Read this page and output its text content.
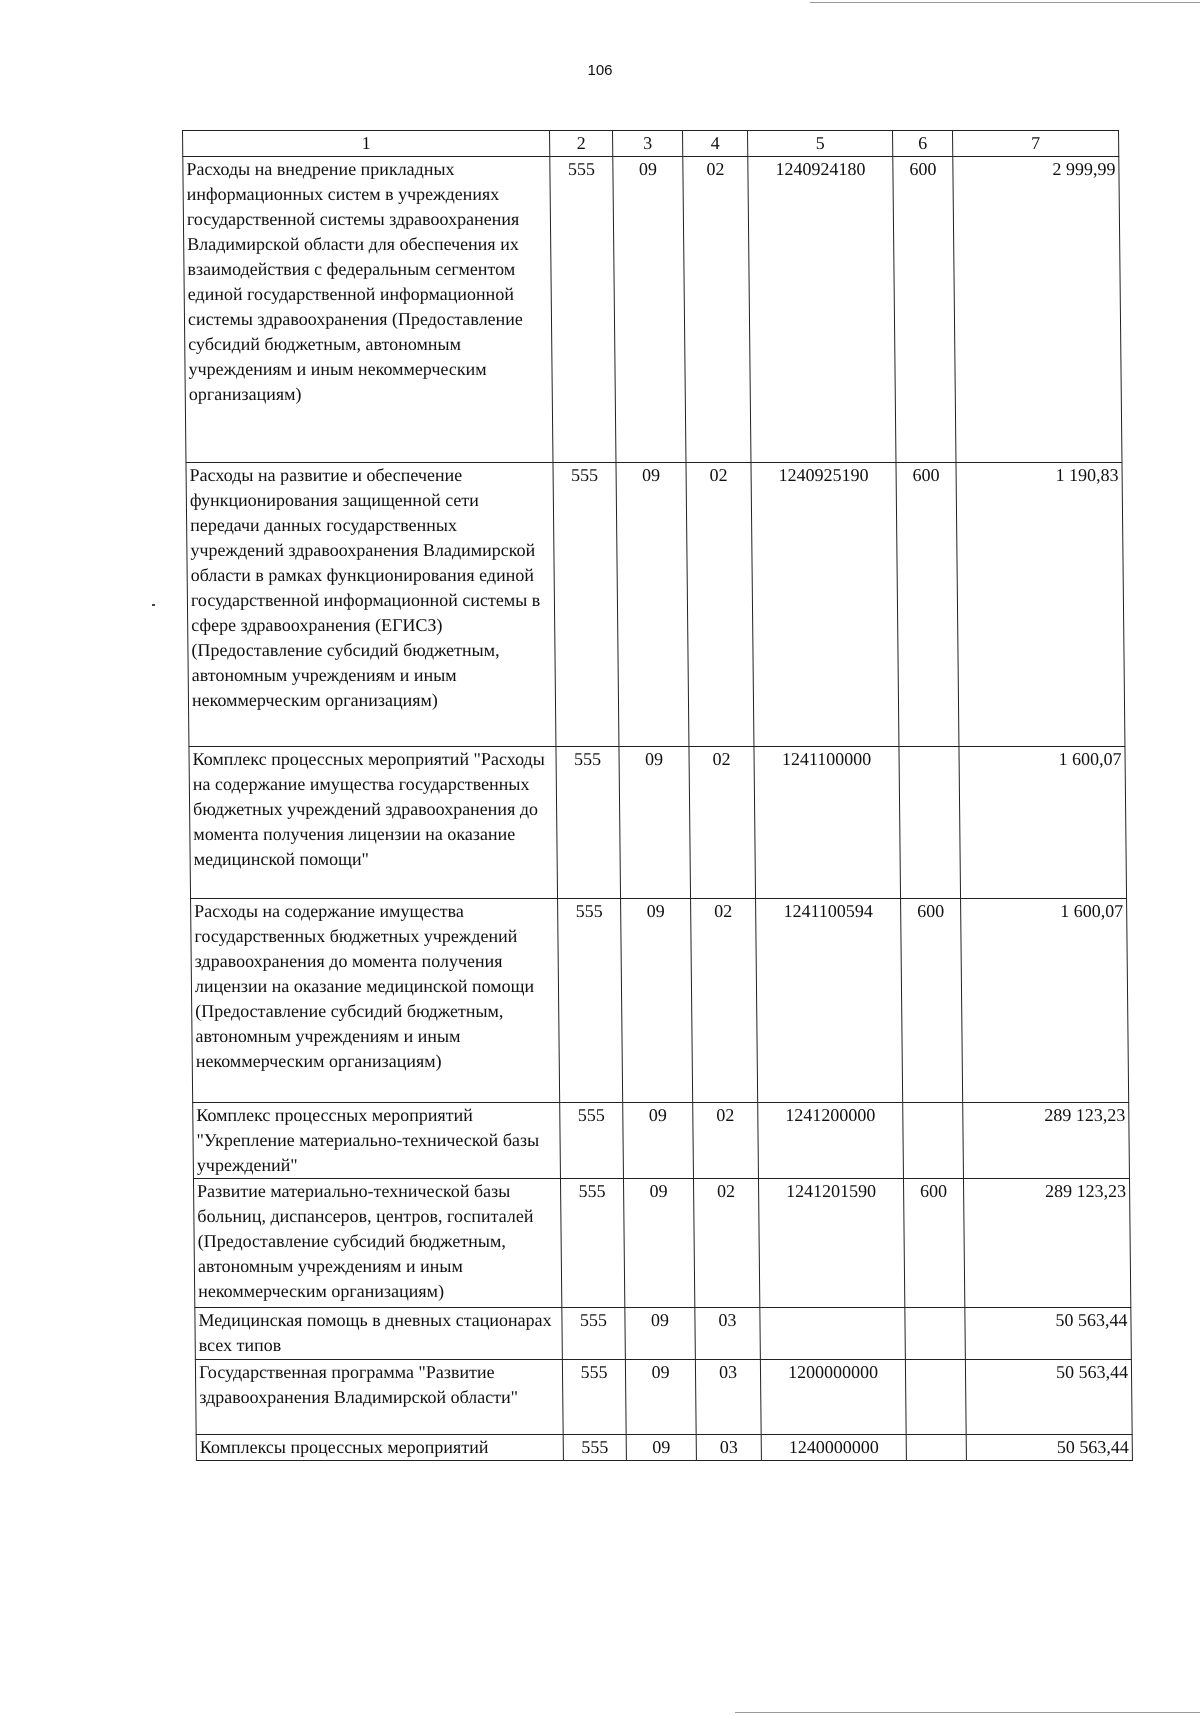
106
1	2	3	4	5	6	7
Расходы на внедрение прикладных информационных систем в учреждениях государственной системы здравоохранения Владимирской области для обеспечения их взаимодействия с федеральным сегментом единой государственной информационной системы здравоохранения (Предоставление субсидий бюджетным, автономным учреждениям и иным некоммерческим организациям)	555	09	02	1240924180	600	2 999,99
Расходы на развитие и обеспечение функционирования защищенной сети передачи данных государственных учреждений здравоохранения Владимирской области в рамках функционирования единой государственной информационной системы в сфере здравоохранения (ЕГИСЗ) (Предоставление субсидий бюджетным, автономным учреждениям и иным некоммерческим организациям)	555	09	02	1240925190	600	1 190,83
Комплекс процессных мероприятий "Расходы на содержание имущества государственных бюджетных учреждений здравоохранения до момента получения лицензии на оказание медицинской помощи"	555	09	02	1241100000		1 600,07
Расходы на содержание имущества государственных бюджетных учреждений здравоохранения до момента получения лицензии на оказание медицинской помощи (Предоставление субсидий бюджетным, автономным учреждениям и иным некоммерческим организациям)	555	09	02	1241100594	600	1 600,07
Комплекс процессных мероприятий "Укрепление материально-технической базы учреждений"	555	09	02	1241200000		289 123,23
Развитие материально-технической базы больниц, диспансеров, центров, госпиталей (Предоставление субсидий бюджетным, автономным учреждениям и иным некоммерческим организациям)	555	09	02	1241201590	600	289 123,23
Медицинская помощь в дневных стационарах всех типов	555	09	03			50 563,44
Государственная программа "Развитие здравоохранения Владимирской области"	555	09	03	1200000000		50 563,44
Комплексы процессных мероприятий	555	09	03	1240000000		50 563,44
